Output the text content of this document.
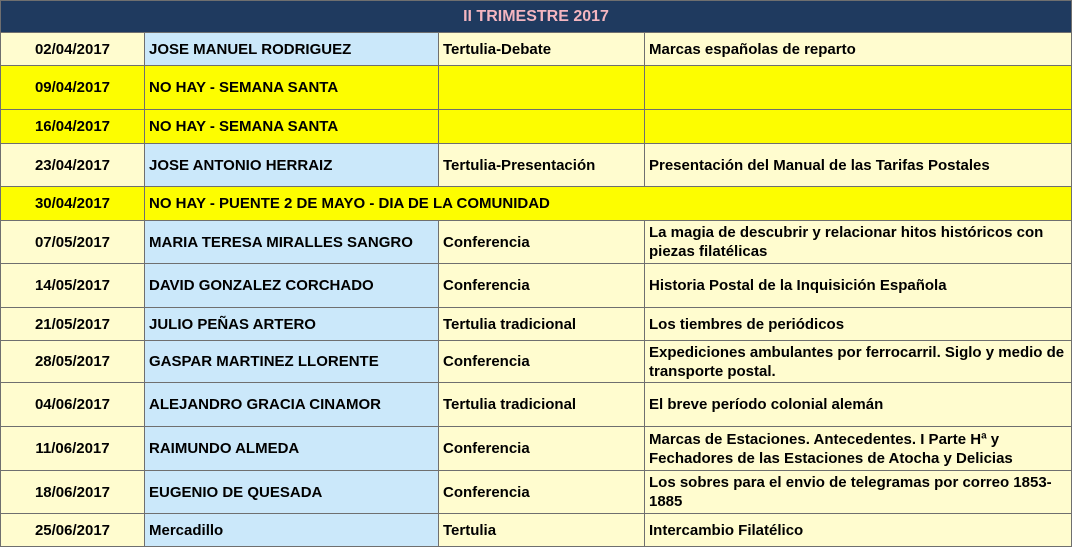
II TRIMESTRE 2017			
02/04/2017	JOSE MANUEL RODRIGUEZ	Tertulia-Debate	Marcas españolas de reparto
09/04/2017	NO HAY - SEMANA SANTA		
16/04/2017	NO HAY - SEMANA SANTA		
23/04/2017	JOSE ANTONIO HERRAIZ	Tertulia-Presentación	Presentación del Manual de las Tarifas Postales
30/04/2017	NO HAY - PUENTE 2 DE MAYO - DIA DE LA COMUNIDAD		
07/05/2017	MARIA TERESA MIRALLES SANGRO	Conferencia	La magia de descubrir y relacionar hitos históricos con piezas filatélicas
14/05/2017	DAVID GONZALEZ CORCHADO	Conferencia	Historia Postal de la Inquisición Española
21/05/2017	JULIO PEÑAS ARTERO	Tertulia tradicional	Los tiembres de periódicos
28/05/2017	GASPAR MARTINEZ LLORENTE	Conferencia	Expediciones ambulantes por ferrocarril. Siglo y medio de transporte postal.
04/06/2017	ALEJANDRO GRACIA CINAMOR	Tertulia tradicional	El breve período colonial alemán
11/06/2017	RAIMUNDO ALMEDA	Conferencia	Marcas de Estaciones. Antecedentes. I Parte Hª y Fechadores de las Estaciones de Atocha y Delicias
18/06/2017	EUGENIO DE QUESADA	Conferencia	Los sobres para el envio de telegramas por correo 1853-1885
25/06/2017	Mercadillo	Tertulia	Intercambio Filatélico
